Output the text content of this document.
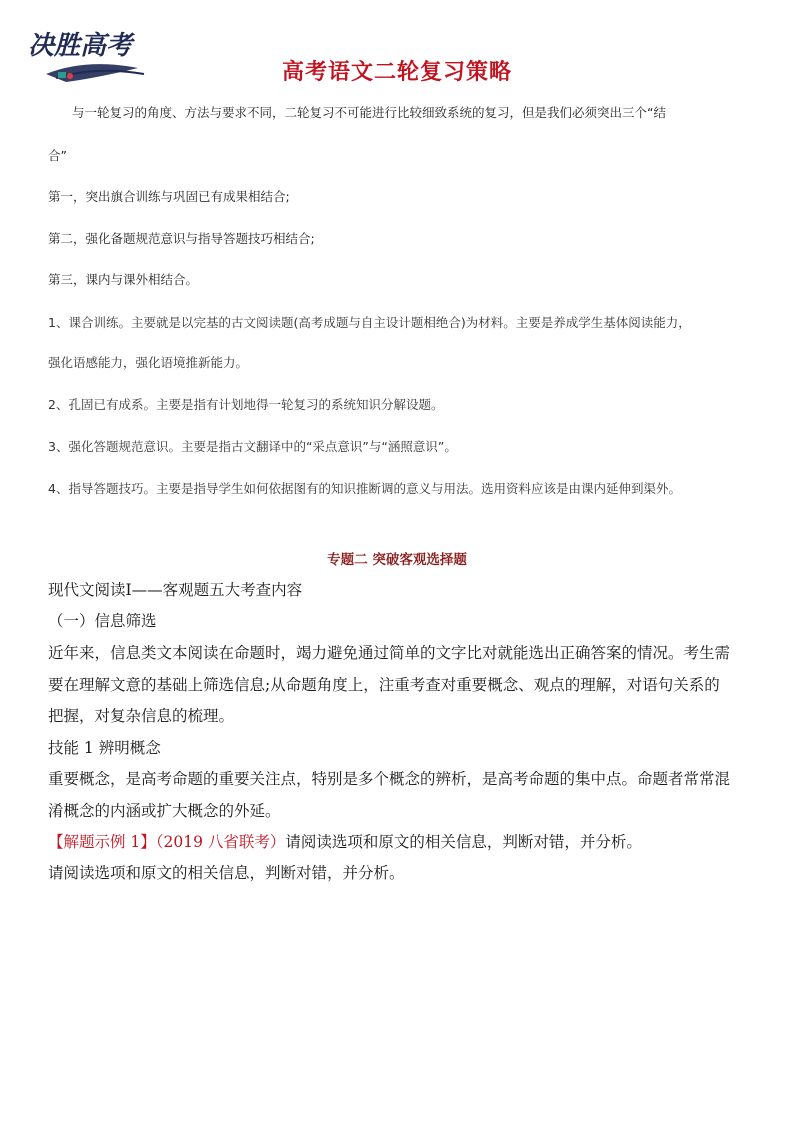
决胜高考
高考语文二轮复习策略

与一轮复习的角度、方法与要求不同，二轮复习不可能进行比较细致系统的复习，但是我们必须突出三个“结

合”

第一，突出旗合训练与巩固已有成果相结合;

第二，强化备题规范意识与指导答题技巧相结合;

第三，课内与课外相结合。

1、课合训练。主要就是以完基的古文阅读题(高考成题与自主设计题相绝合)为材料。主要是养成学生基体阅读能力，

强化语感能力，强化语境推新能力。

2、孔固已有成系。主要是指有计划地得一轮复习的系统知识分解设题。

3、强化答题规范意识。主要是指古文翻译中的“采点意识”与“涵照意识”。

4、指导答题技巧。主要是指导学生如何依据图有的知识推断调的意义与用法。选用资料应该是由课内延伸到渠外。

专题二 突破客观选择题

现代文阅读Ⅰ——客观题五大考查内容

（一）信息筛选

近年来，信息类文本阅读在命题时，竭力避免通过简单的文字比对就能选出正确答案的情况。考生需

要在理解文意的基础上筛选信息;从命题角度上，注重考查对重要概念、观点的理解，对语句关系的

把握，对复杂信息的梳理。

技能 1 辨明概念

重要概念，是高考命题的重要关注点，特别是多个概念的辨析，是高考命题的集中点。命题者常常混

淆概念的内涵或扩大概念的外延。

【解题示例 1】（2019 八省联考）请阅读选项和原文的相关信息，判断对错，并分析。

请阅读选项和原文的相关信息，判断对错，并分析。
